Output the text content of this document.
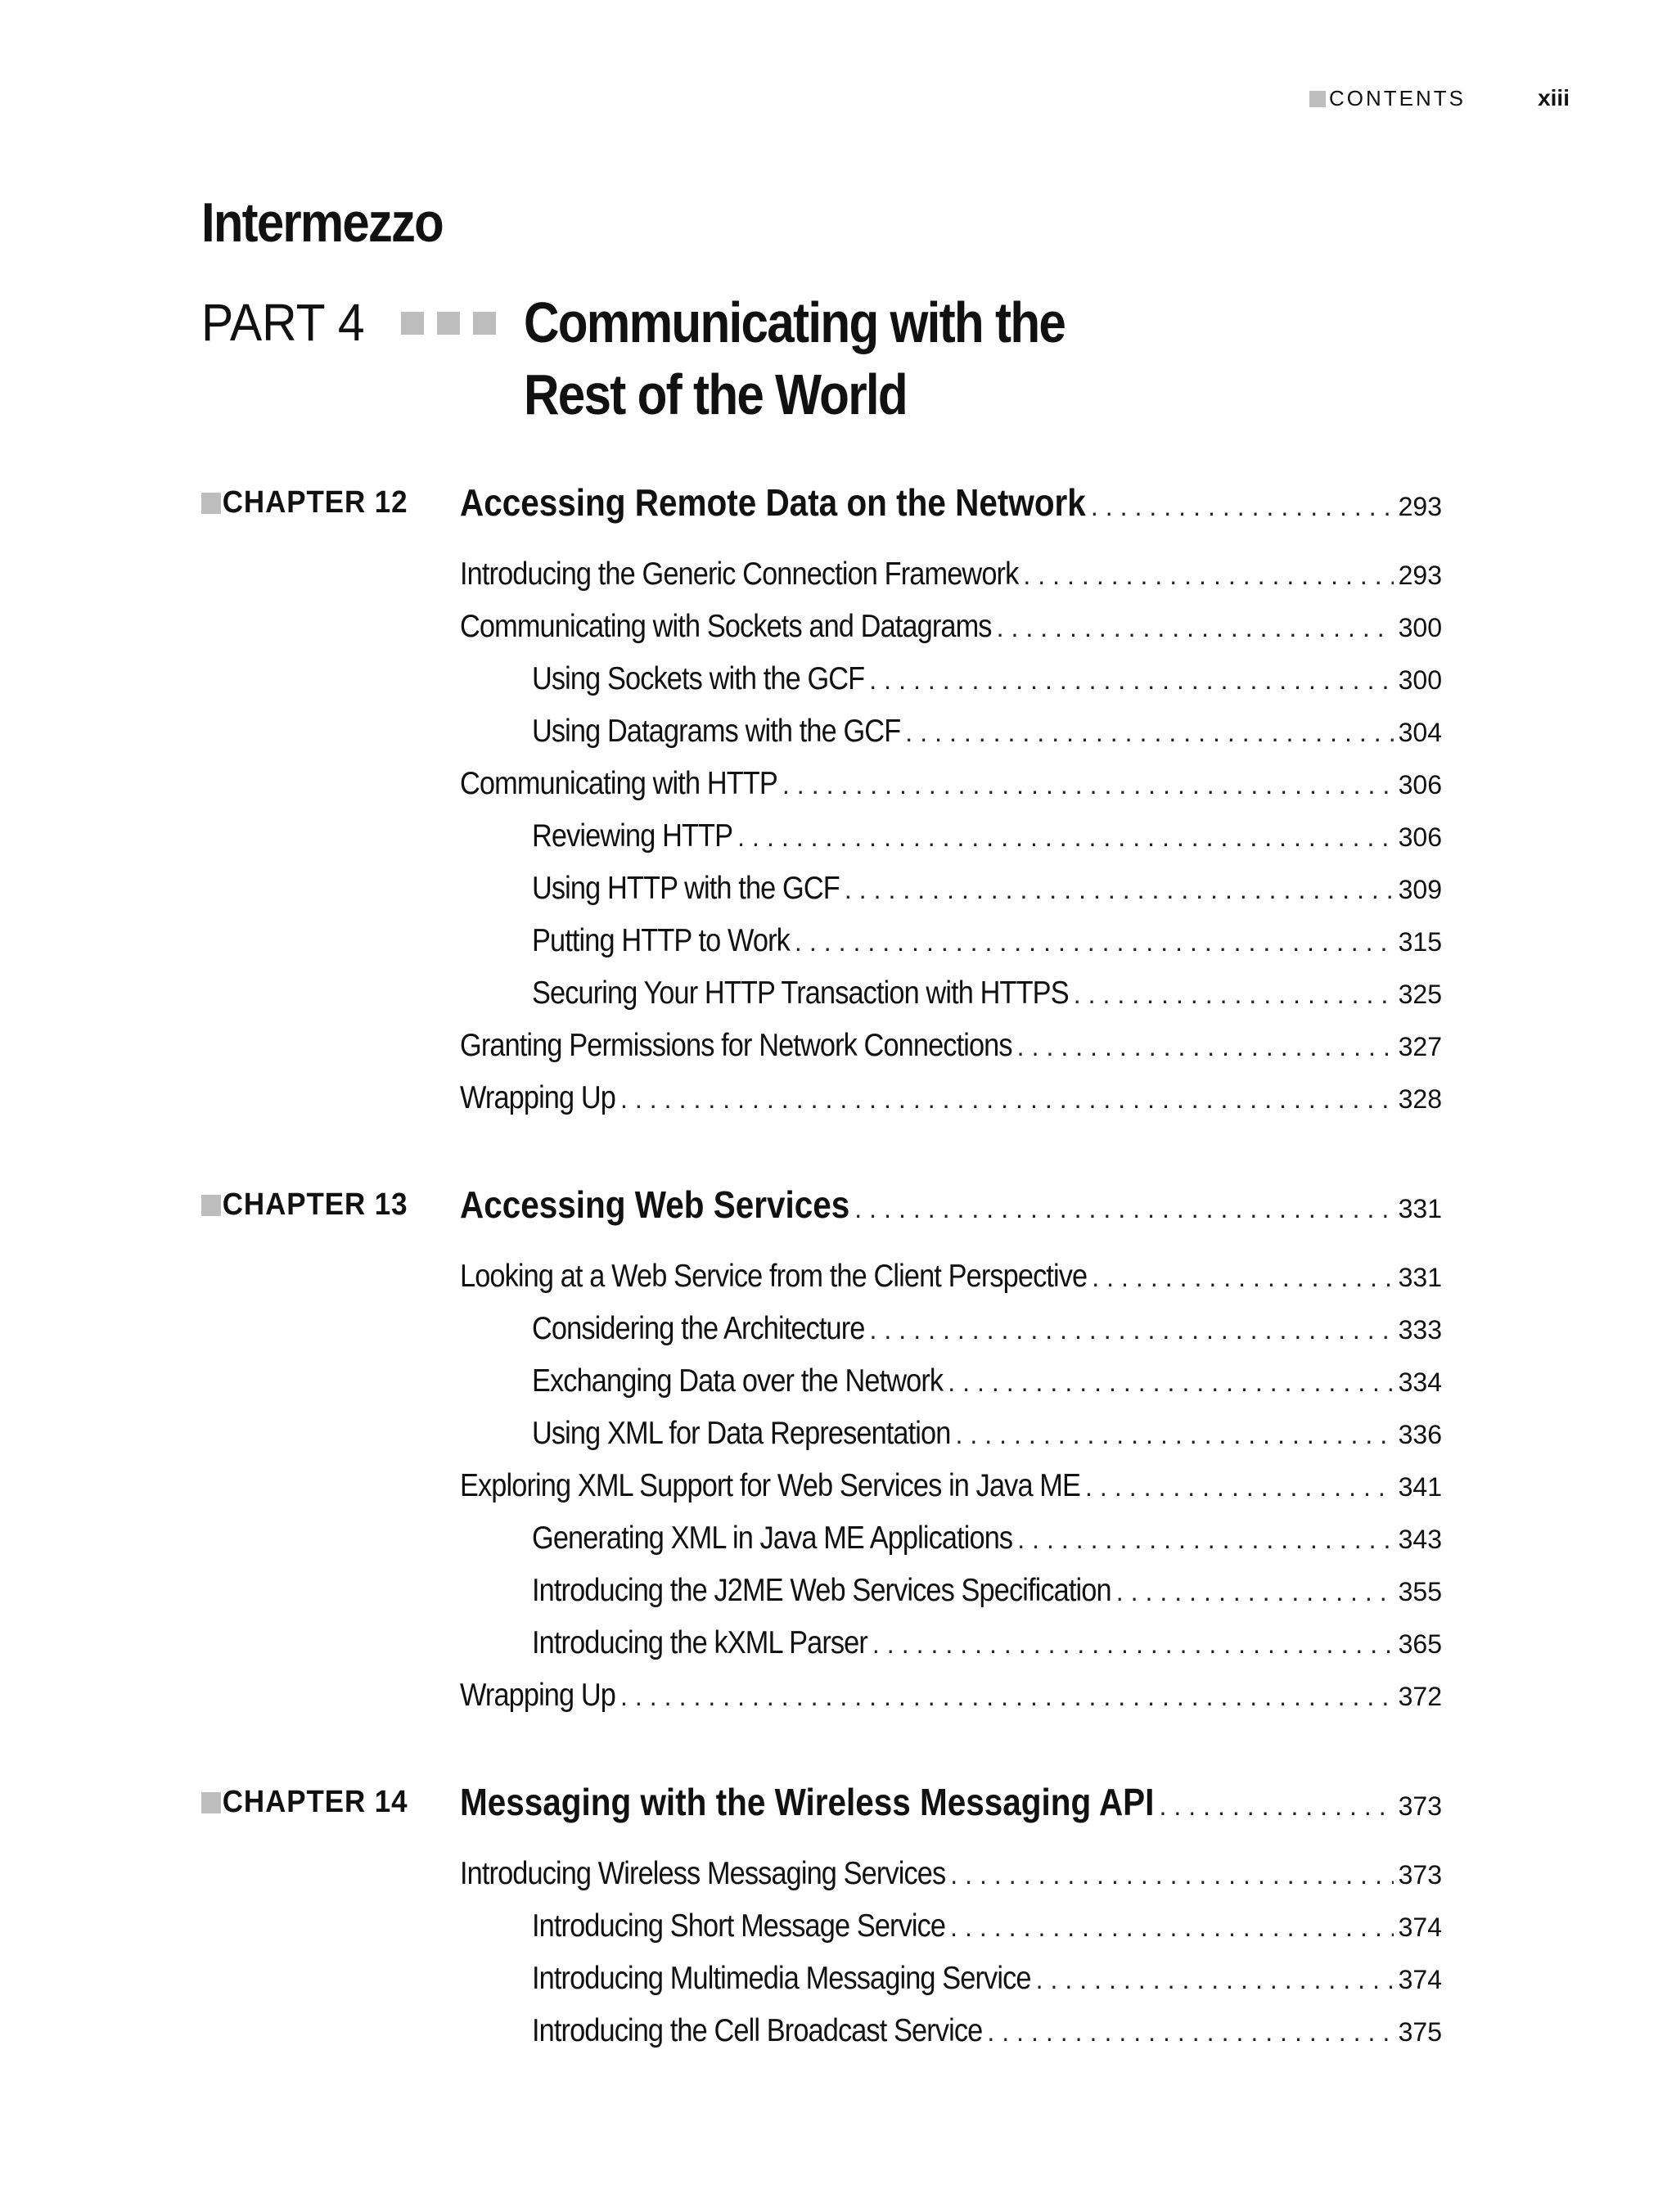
CONTENTS	xiii
Intermezzo
PART 4	Communicating with the
Rest of the World
CHAPTER 12 Accessing Remote Data on the Network .....	293
Introducing the Generic Connection Framework .....	293
Communicating with Sockets and Datagrams .....	300
Using Sockets with the GCF .....	300
Using Datagrams with the GCF .....	304
Communicating with HTTP .....	306
Reviewing HTTP .....	306
Using HTTP with the GCF .....	309
Putting HTTP to Work .....	315
Securing Your HTTP Transaction with HTTPS .....	325
Granting Permissions for Network Connections .....	327
Wrapping Up .....	328
CHAPTER 13 Accessing Web Services .....	331
Looking at a Web Service from the Client Perspective .....	331
Considering the Architecture .....	333
Exchanging Data over the Network .....	334
Using XML for Data Representation .....	336
Exploring XML Support for Web Services in Java ME .....	341
Generating XML in Java ME Applications .....	343
Introducing the J2ME Web Services Specification .....	355
Introducing the kXML Parser .....	365
Wrapping Up .....	372
CHAPTER 14 Messaging with the Wireless Messaging API .....	373
Introducing Wireless Messaging Services .....	373
Introducing Short Message Service .....	374
Introducing Multimedia Messaging Service .....	374
Introducing the Cell Broadcast Service .....	375
